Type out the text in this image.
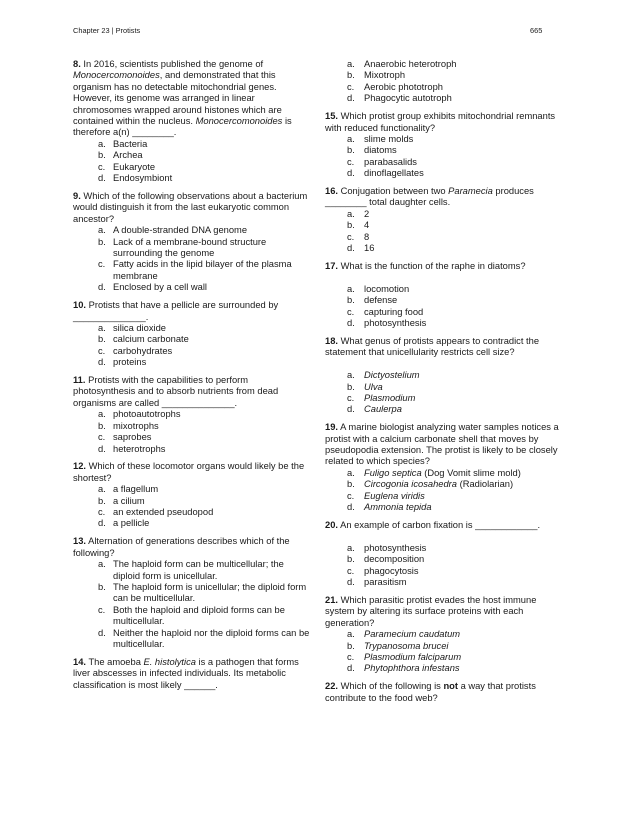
Chapter 23 | Protists	665

8. In 2016, scientists published the genome of Monocercomonoides, and demonstrated that this organism has no detectable mitochondrial genes. However, its genome was arranged in linear chromosomes wrapped around histones which are contained within the nucleus. Monocercomonoides is therefore a(n) ________.

a. Bacteria
b. Archea
c. Eukaryote
d. Endosymbiont

9. Which of the following observations about a bacterium would distinguish it from the last eukaryotic common ancestor?

a. A double-stranded DNA genome
b. Lack of a membrane-bound structure surrounding the genome
c. Fatty acids in the lipid bilayer of the plasma membrane
d. Enclosed by a cell wall

10. Protists that have a pellicle are surrounded by ______________.

a. silica dioxide
b. calcium carbonate
c. carbohydrates
d. proteins

11. Protists with the capabilities to perform photosynthesis and to absorb nutrients from dead organisms are called ______________.

a. photoautotrophs
b. mixotrophs
c. saprobes
d. heterotrophs

12. Which of these locomotor organs would likely be the shortest?

a. a flagellum
b. a cilium
c. an extended pseudopod
d. a pellicle

13. Alternation of generations describes which of the following?

a. The haploid form can be multicellular; the diploid form is unicellular.
b. The haploid form is unicellular; the diploid form can be multicellular.
c. Both the haploid and diploid forms can be multicellular.
d. Neither the haploid nor the diploid forms can be multicellular.

14. The amoeba E. histolytica is a pathogen that forms liver abscesses in infected individuals. Its metabolic classification is most likely ______.

a. Anaerobic heterotroph
b. Mixotroph
c. Aerobic phototroph
d. Phagocytic autotroph

15. Which protist group exhibits mitochondrial remnants with reduced functionality?

a. slime molds
b. diatoms
c. parabasalids
d. dinoflagellates

16. Conjugation between two Paramecia produces ________ total daughter cells.

a. 2
b. 4
c. 8
d. 16

17. What is the function of the raphe in diatoms?

a. locomotion
b. defense
c. capturing food
d. photosynthesis

18. What genus of protists appears to contradict the statement that unicellularity restricts cell size?

a. Dictyostelium
b. Ulva
c. Plasmodium
d. Caulerpa

19. A marine biologist analyzing water samples notices a protist with a calcium carbonate shell that moves by pseudopodia extension. The protist is likely to be closely related to which species?

a. Fuligo septica (Dog Vomit slime mold)
b. Circogonia icosahedra (Radiolarian)
c. Euglena viridis
d. Ammonia tepida

20. An example of carbon fixation is ____________.

a. photosynthesis
b. decomposition
c. phagocytosis
d. parasitism

21. Which parasitic protist evades the host immune system by altering its surface proteins with each generation?

a. Paramecium caudatum
b. Trypanosoma brucei
c. Plasmodium falciparum
d. Phytophthora infestans

22. Which of the following is not a way that protists contribute to the food web?
